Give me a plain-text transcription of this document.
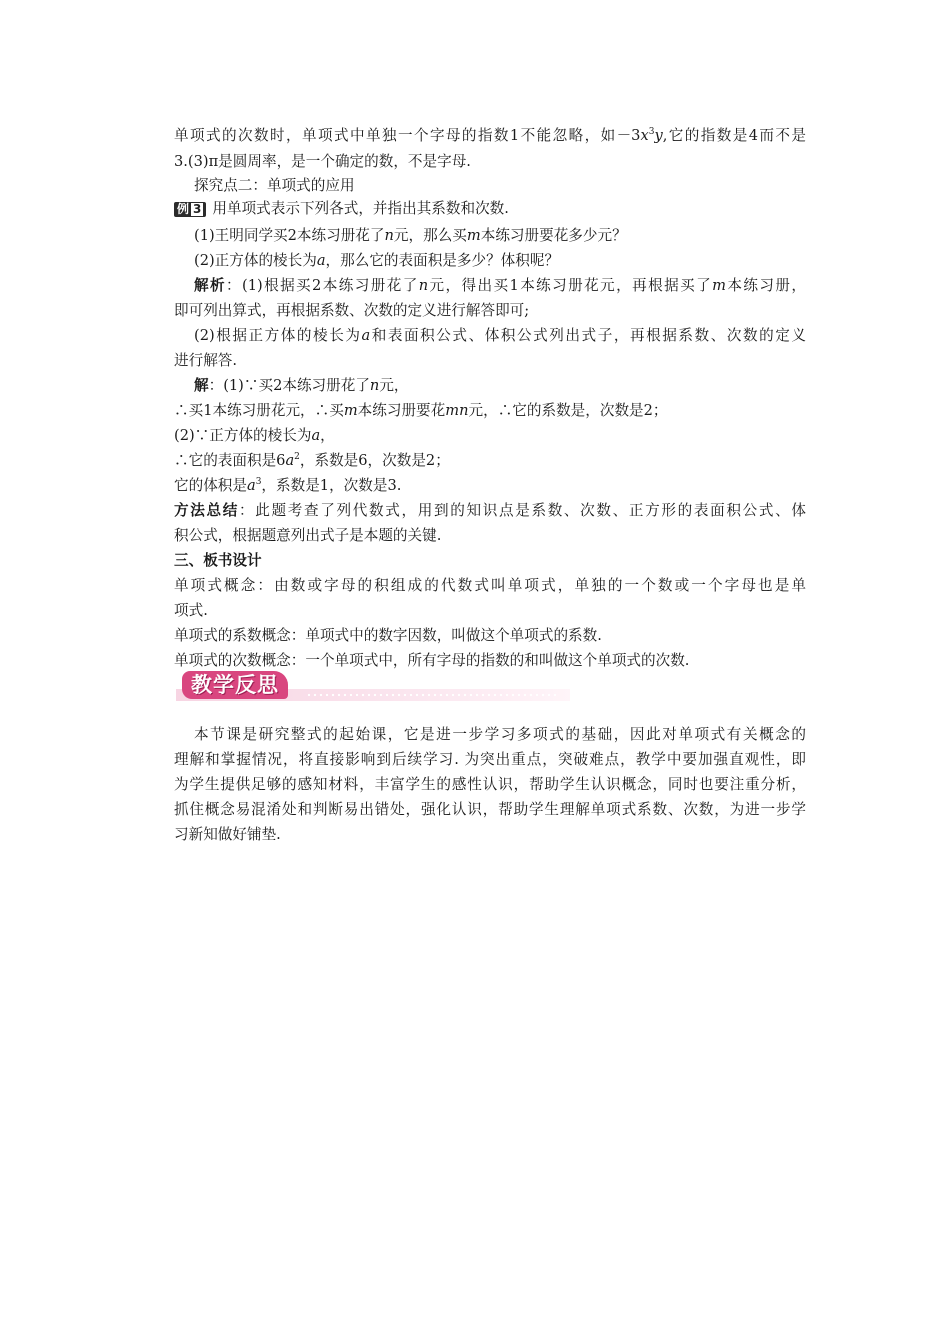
单项式的次数时，单项式中单独一个字母的指数1不能忽略，如$-3x^3y$,它的指数是4而不是
3.(3)π是圆周率，是一个确定的数，不是字母.
探究点二：单项式的应用
例 3 用单项式表示下列各式，并指出其系数和次数.
(1)王明同学买2本练习册花了n元，那么买m本练习册要花多少元？
(2)正方体的棱长为a，那么它的表面积是多少？体积呢？
解析：(1)根据买2本练习册花了n元，得出买1本练习册花元，再根据买了m本练习册，
即可列出算式，再根据系数、次数的定义进行解答即可;
(2)根据正方体的棱长为a和表面积公式、体积公式列出式子，再根据系数、次数的定义
进行解答.
解：(1)∵买2本练习册花了n元，
∴买1本练习册花元，∴买m本练习册要花mn元，∴它的系数是，次数是2；
(2)∵正方体的棱长为a，
∴它的表面积是$6a^2$，系数是6，次数是2；
它的体积是$a^3$，系数是1，次数是3.
方法总结：此题考查了列代数式，用到的知识点是系数、次数、正方形的表面积公式、体
积公式，根据题意列出式子是本题的关键.
三、板书设计
单项式概念：由数或字母的积组成的代数式叫单项式，单独的一个数或一个字母也是单
项式.
单项式的系数概念：单项式中的数字因数，叫做这个单项式的系数.
单项式的次数概念：一个单项式中，所有字母的指数的和叫做这个单项式的次数.
教学反思
本节课是研究整式的起始课，它是进一步学习多项式的基础，因此对单项式有关概念的
理解和掌握情况，将直接影响到后续学习. 为突出重点，突破难点，教学中要加强直观性，即
为学生提供足够的感知材料，丰富学生的感性认识，帮助学生认识概念，同时也要注重分析，
抓住概念易混淆处和判断易出错处，强化认识，帮助学生理解单项式系数、次数，为进一步学
习新知做好铺垫.
